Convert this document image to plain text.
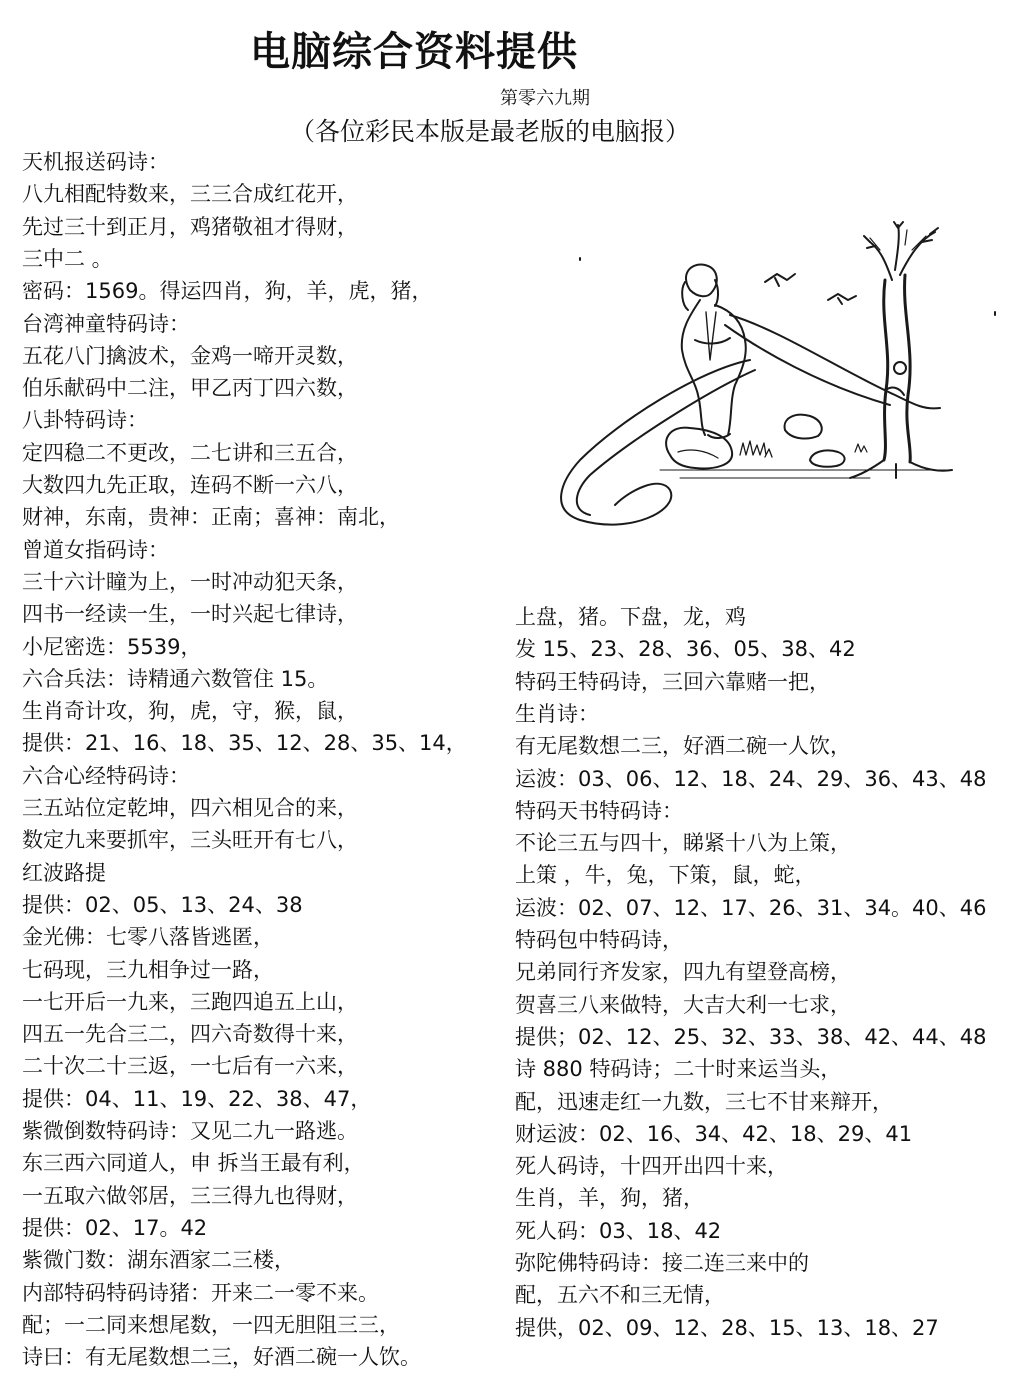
电脑综合资料提供
第零六九期
（各位彩民本版是最老版的电脑报）
天机报送码诗：
八九相配特数来，三三合成红花开，
先过三十到正月，鸡猪敬祖才得财，
三中二 。
密码：1569。得运四肖，狗，羊，虎，猪，
台湾神童特码诗：
五花八门擒波术，金鸡一啼开灵数，
伯乐献码中二注，甲乙丙丁四六数，
八卦特码诗：
定四稳二不更改，二七讲和三五合，
大数四九先正取，连码不断一六八，
财神，东南，贵神：正南；喜神：南北，
曾道女指码诗：
三十六计瞳为上，一时冲动犯天条，
四书一经读一生，一时兴起七律诗，
小尼密选：5539，
六合兵法：诗精通六数管住 15。
生肖奇计攻，狗，虎，守，猴，鼠，
提供：21、16、18、35、12、28、35、14，
六合心经特码诗：
三五站位定乾坤，四六相见合的来，
数定九来要抓牢，三头旺开有七八，
红波路提
提供：02、05、13、24、38
金光佛：七零八落皆逃匿，
七码现，三九相争过一路，
一七开后一九来，三跑四追五上山，
四五一先合三二，四六奇数得十来，
二十次二十三返，一七后有一六来，
提供：04、11、19、22、38、47，
紫微倒数特码诗：又见二九一路逃。
东三西六同道人，申 拆当王最有利，
一五取六做邻居，三三得九也得财，
提供：02、17。42
紫微门数：湖东酒家二三楼，
内部特码特码诗猪：开来二一零不来。
配；一二同来想尾数，一四无胆阻三三，
诗曰：有无尾数想二三，好酒二碗一人饮。
上盘，猪。下盘，龙，鸡
发 15、23、28、36、05、38、42
特码王特码诗，三回六靠赌一把，
生肖诗：
有无尾数想二三，好酒二碗一人饮，
运波：03、06、12、18、24、29、36、43、48
特码天书特码诗：
不论三五与四十，睇紧十八为上策，
上策 ，牛，兔，下策，鼠，蛇，
运波：02、07、12、17、26、31、34。40、46
特码包中特码诗，
兄弟同行齐发家，四九有望登高榜，
贺喜三八来做特，大吉大利一七求，
提供；02、12、25、32、33、38、42、44、48
诗 880 特码诗；二十时来运当头，
配，迅速走红一九数，三七不甘来辩开，
财运波：02、16、34、42、18、29、41
死人码诗，十四开出四十来，
生肖，羊，狗，猪，
死人码：03、18、42
弥陀佛特码诗：接二连三来中的
配，五六不和三无情，
提供，02、09、12、28、15、13、18、27
